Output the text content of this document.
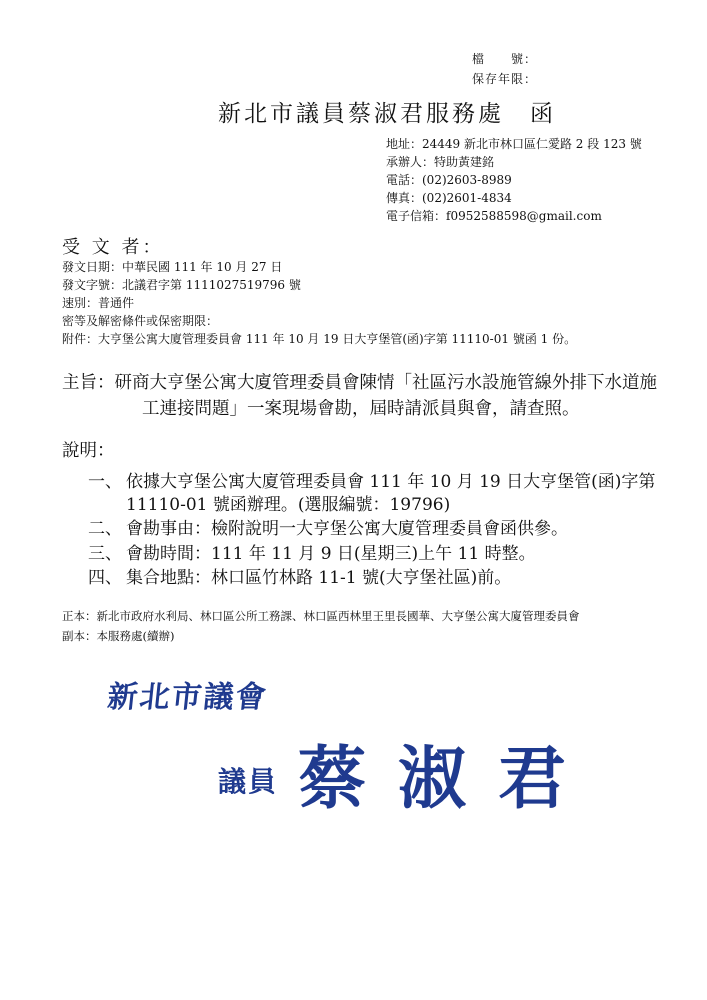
檔　　號：
保存年限：
新北市議員蔡淑君服務處　函
地址：24449 新北市林口區仁愛路 2 段 123 號
承辦人：特助黃建銘
電話：(02)2603-8989
傳真：(02)2601-4834
電子信箱：f0952588598@gmail.com
受 文 者：
發文日期：中華民國 111 年 10 月 27 日
發文字號：北議君字第 1111027519796 號
速別：普通件
密等及解密條件或保密期限：
附件：大亨堡公寓大廈管理委員會 111 年 10 月 19 日大亨堡管(函)字第 11110-01 號函 1 份。
主旨：研商大亨堡公寓大廈管理委員會陳情「社區污水設施管線外排下水道施
工連接問題」一案現場會勘，屆時請派員與會，請查照。
說明：
一、 依據大亨堡公寓大廈管理委員會 111 年 10 月 19 日大亨堡管(函)字第
11110-01 號函辦理。(選服編號：19796)
二、 會勘事由：檢附說明一大亨堡公寓大廈管理委員會函供參。
三、 會勘時間：111 年 11 月 9 日(星期三)上午 11 時整。
四、 集合地點：林口區竹林路 11-1 號(大亨堡社區)前。
正本：新北市政府水利局、林口區公所工務課、林口區西林里王里長國華、大亨堡公寓大廈管理委員會
副本：本服務處(續辦)
新北市議會
議員 蔡淑君
